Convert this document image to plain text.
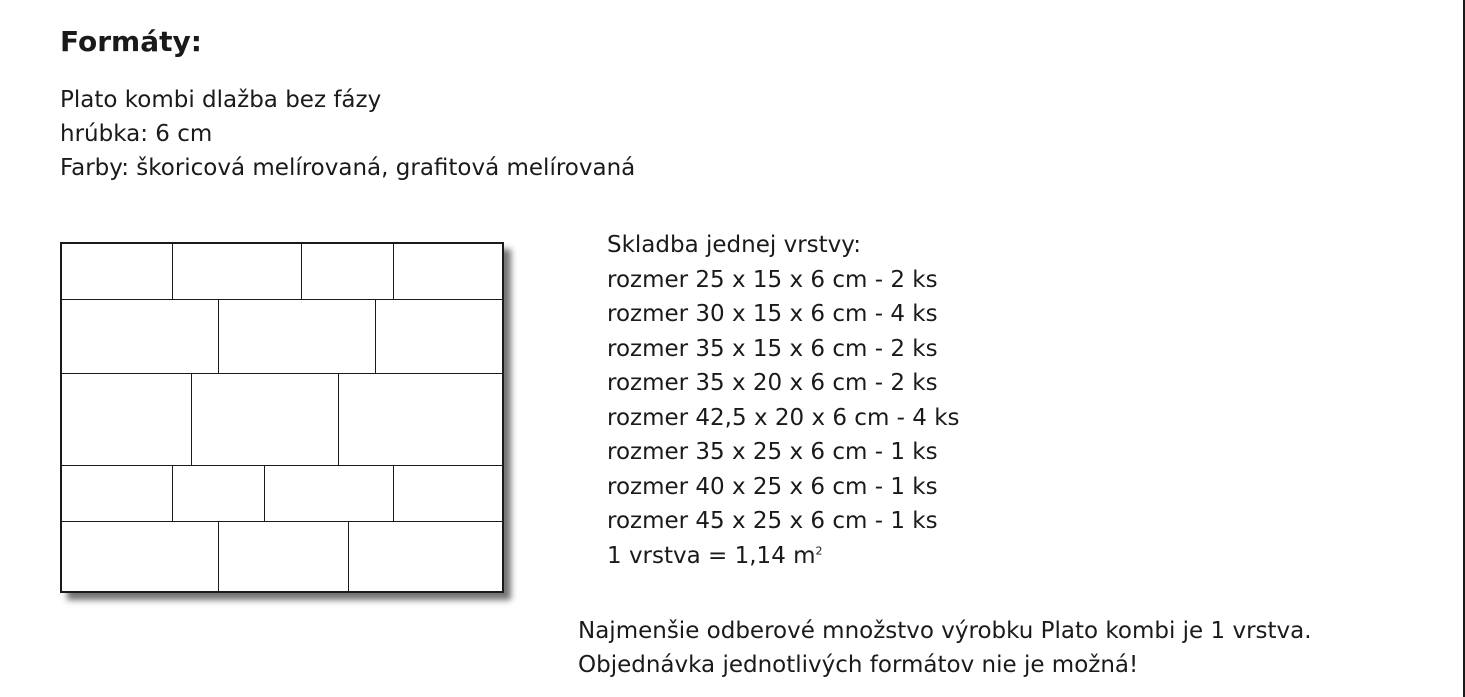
Formáty:
Plato kombi dlažba bez fázy
hrúbka: 6 cm
Farby: škoricová melírovaná, grafitová melírovaná
Skladba jednej vrstvy:
rozmer 25 x 15 x 6 cm - 2 ks
rozmer 30 x 15 x 6 cm - 4 ks
rozmer 35 x 15 x 6 cm - 2 ks
rozmer 35 x 20 x 6 cm - 2 ks
rozmer 42,5 x 20 x 6 cm - 4 ks
rozmer 35 x 25 x 6 cm - 1 ks
rozmer 40 x 25 x 6 cm - 1 ks
rozmer 45 x 25 x 6 cm - 1 ks
1 vrstva = 1,14 $m^2$
Najmenšie odberové množstvo výrobku Plato kombi je 1 vrstva.
Objednávka jednotlivých formátov nie je možná!
